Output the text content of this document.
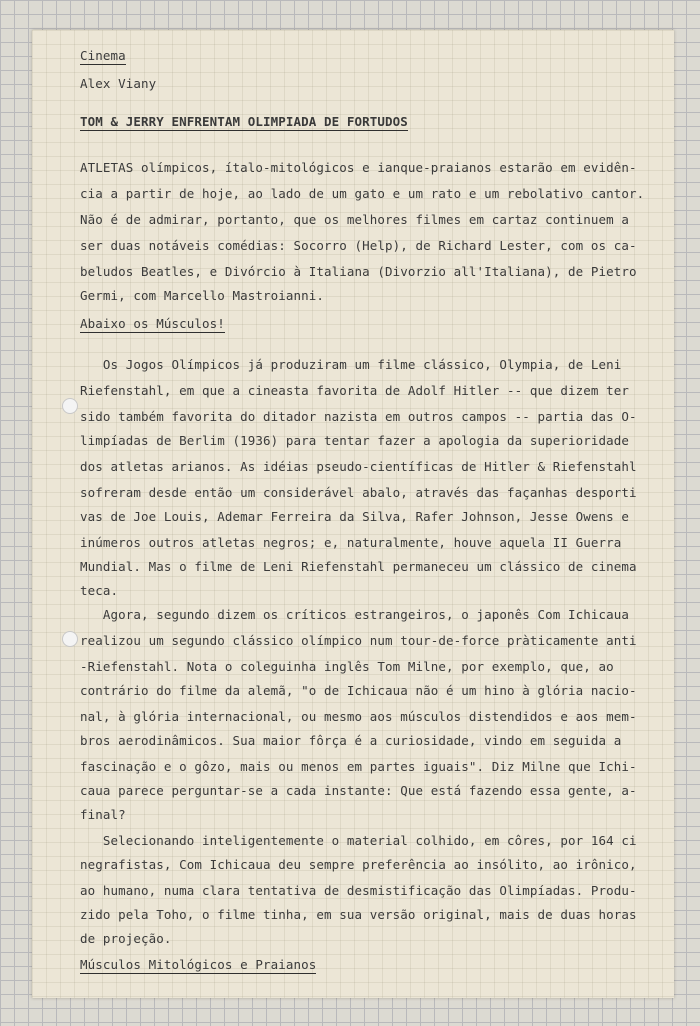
Cinema
Alex Viany
TOM & JERRY ENFRENTAM OLIMPIADA DE FORTUDOS
ATLETAS olímpicos, ítalo-mitológicos e ianque-praianos estarão em evidên-
cia a partir de hoje, ao lado de um gato e um rato e um rebolativo cantor.
Não é de admirar, portanto, que os melhores filmes em cartaz continuem a
ser duas notáveis comédias: Socorro (Help), de Richard Lester, com os ca-
beludos Beatles, e Divórcio à Italiana (Divorzio all'Italiana), de Pietro
Germi, com Marcello Mastroianni.
Abaixo os Músculos!
Os Jogos Olímpicos já produziram um filme clássico, Olympia, de Leni
Riefenstahl, em que a cineasta favorita de Adolf Hitler -- que dizem ter
sido também favorita do ditador nazista em outros campos -- partia das O-
limpíadas de Berlim (1936) para tentar fazer a apologia da superioridade
dos atletas arianos. As idéias pseudo-científicas de Hitler & Riefenstahl
sofreram desde então um considerável abalo, através das façanhas desporti
vas de Joe Louis, Ademar Ferreira da Silva, Rafer Johnson, Jesse Owens e
inúmeros outros atletas negros; e, naturalmente, houve aquela II Guerra
Mundial. Mas o filme de Leni Riefenstahl permaneceu um clássico de cinema
teca.
Agora, segundo dizem os críticos estrangeiros, o japonês Com Ichicaua
realizou um segundo clássico olímpico num tour-de-force pràticamente anti
-Riefenstahl. Nota o coleguinha inglês Tom Milne, por exemplo, que, ao
contrário do filme da alemã, "o de Ichicaua não é um hino à glória nacio-
nal, à glória internacional, ou mesmo aos músculos distendidos e aos mem-
bros aerodinâmicos. Sua maior fôrça é a curiosidade, vindo em seguida a
fascinação e o gôzo, mais ou menos em partes iguais". Diz Milne que Ichi-
caua parece perguntar-se a cada instante: Que está fazendo essa gente, a-
final?
Selecionando inteligentemente o material colhido, em côres, por 164 ci
negrafistas, Com Ichicaua deu sempre preferência ao insólito, ao irônico,
ao humano, numa clara tentativa de desmistificação das Olimpíadas. Produ-
zido pela Toho, o filme tinha, em sua versão original, mais de duas horas
de projeção.
Músculos Mitológicos e Praianos
